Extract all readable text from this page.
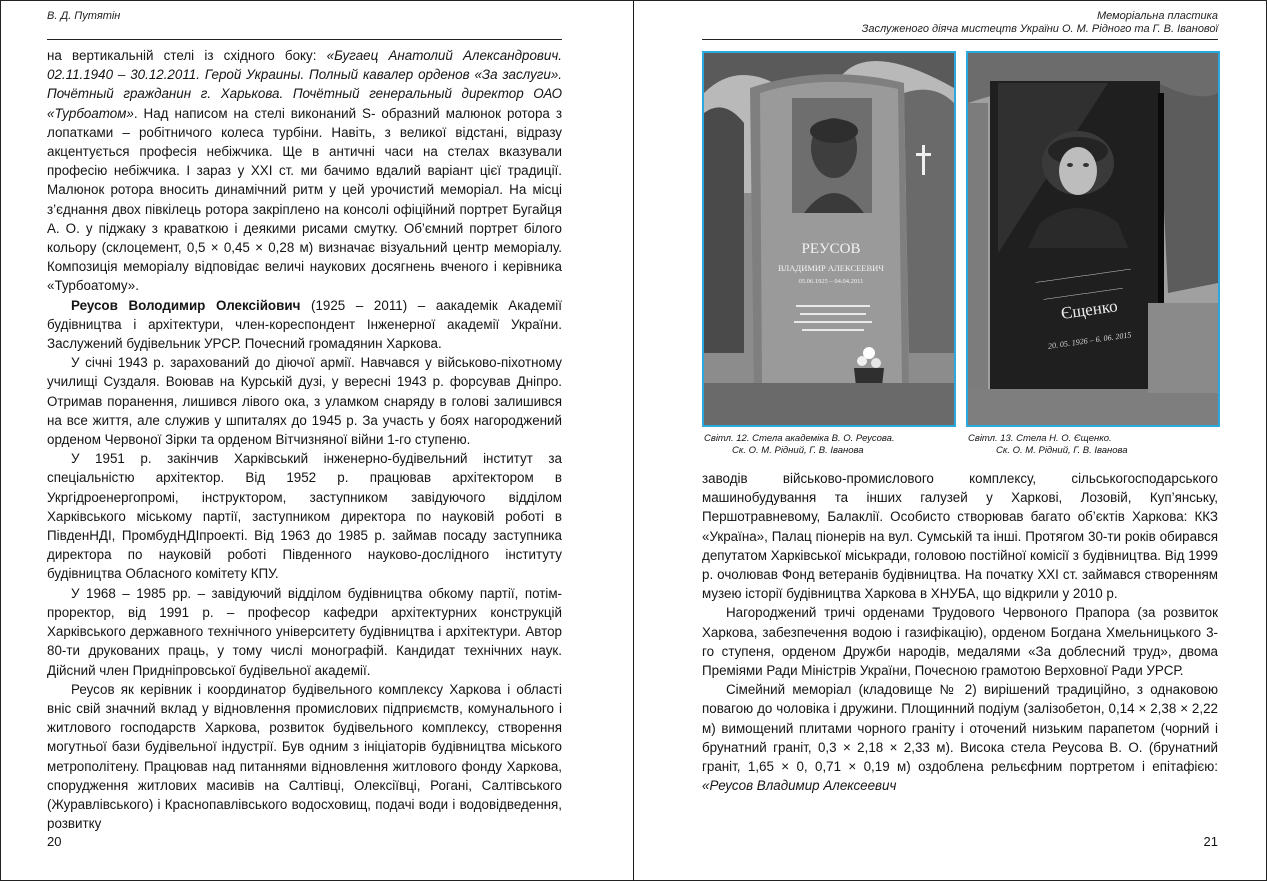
В. Д. Путятін

на вертикальній стелі із східного боку: «Бугаец Анатолий Александрович. 02.11.1940 – 30.12.2011. Герой Украины. Полный кавалер орденов «За заслуги». Почётный гражданин г. Харькова. Почётный генеральный директор ОАО «Турбоатом». Над написом на стелі виконаний S- образний малюнок ротора з лопатками – робітничого колеса турбіни. Навіть, з великої відстані, відразу акцентується професія небіжчика. Ще в античні часи на стелах вказували професію небіжчика. І зараз у ХХІ ст. ми бачимо вдалий варіант цієї традиції. Малюнок ротора вносить динамічний ритм у цей урочистий меморіал. На місці з’єднання двох півкілець ротора закріплено на консолі офіційний портрет Бугайця А. О. у піджаку з краваткою і деякими рисами смутку. Об’ємний портрет білого кольору (склоцемент, 0,5 × 0,45 × 0,28 м) визначає візуальний центр меморіалу. Композиція меморіалу відповідає величі наукових досягнень вченого і керівника «Турбоатому».

Реусов Володимир Олексійович (1925 – 2011) – аакадемік Академії будівництва і архітектури, член-кореспондент Інженерної академії України. Заслужений будівельник УРСР. Почесний громадянин Харкова.

У січні 1943 р. зарахований до діючої армії. Навчався у військово-піхотному училищі Суздаля. Воював на Курській дузі, у вересні 1943 р. форсував Дніпро. Отримав поранення, лишився лівого ока, з уламком снаряду в голові залишився на все життя, але служив у шпиталях до 1945 р. За участь у боях нагороджений орденом Червоної Зірки та орденом Вітчизняної війни 1-го ступеню.

У 1951 р. закінчив Харківський інженерно-будівельний інститут за спеціальністю архітектор. Від 1952 р. працював архітектором в Укргідроенергопромі, інструктором, заступником завідуючого відділом Харківського міському партії, заступником директора по науковій роботі в ПівденНДІ, ПромбудНДІпроекті. Від 1963 до 1985 р. займав посаду заступника директора по науковій роботі Південного науково-дослідного інституту будівництва Обласного комітету КПУ.

У 1968 – 1985 рр. – завідуючий відділом будівництва обкому партії, потім-проректор, від 1991 р. – професор кафедри архітектурних конструкцій Харківського державного технічного університету будівництва і архітектури. Автор 80-ти друкованих праць, у тому числі монографій. Кандидат технічних наук. Дійсний член Придніпровської будівельної академії.

Реусов як керівник і координатор будівельного комплексу Харкова і області вніс свій значний вклад у відновлення промислових підприємств, комунального і житлового господарств Харкова, розвиток будівельного комплексу, створення могутньої бази будівельної індустрії. Був одним з ініціаторів будівництва міського метрополітену. Працював над питаннями відновлення житлового фонду Харкова, спорудження житлових масивів на Салтівці, Олексіївці, Рогані, Салтівського (Журавлівського) і Краснопавлівського водосховищ, подачі води і водовідведення, розвитку

20
Меморіальна пластика
Заслуженого діяча мистецтв України О. М. Рідного та Г. В. Іванової
РЕУСОВ
ВЛАДИМИР АЛЕКСЕЕВИЧ
05.06.1925 – 04.04.2011	________________________
____________________
Єщенко
20. 05. 1926 – 6. 06. 2015
Світл. 12. Стела академіка В. О. Реусова.
Ск. О. М. Рідний, Г. В. Іванова
Світл. 13. Стела Н. О. Єщенко.
Ск. О. М. Рідний, Г. В. Іванова

заводів військово-промислового комплексу, сільськогосподарського машинобудування та інших галузей у Харкові, Лозовій, Куп’янську, Першотравневому, Балаклії. Особисто створював багато об’єктів Харкова: ККЗ «Україна», Палац піонерів на вул. Сумській та інші. Протягом 30-ти років обирався депутатом Харківської міськради, головою постійної комісії з будівництва. Від 1999 р. очолював Фонд ветеранів будівництва. На початку ХХІ ст. займався створенням музею історії будівництва Харкова в ХНУБА, що відкрили у 2010 р.

Нагороджений тричі орденами Трудового Червоного Прапора (за розвиток Харкова, забезпечення водою і газифікацію), орденом Богдана Хмельницького 3-го ступеня, орденом Дружби народів, медалями «За доблесний труд», двома Преміями Ради Міністрів України, Почесною грамотою Верховної Ради УРСР.

Сімейний меморіал (кладовище № 2) вирішений традиційно, з однаковою повагою до чоловіка і дружини. Площинний подіум (залізобетон, 0,14 × 2,38 × 2,22 м) вимощений плитами чорного граніту і оточений низьким парапетом (чорний і брунатний граніт, 0,3 × 2,18 × 2,33 м). Висока стела Реусова В. О. (брунатний граніт, 1,65 × 0, 0,71 × 0,19 м) оздоблена рельєфним портретом і епітафією: «Реусов Владимир Алексеевич

21
